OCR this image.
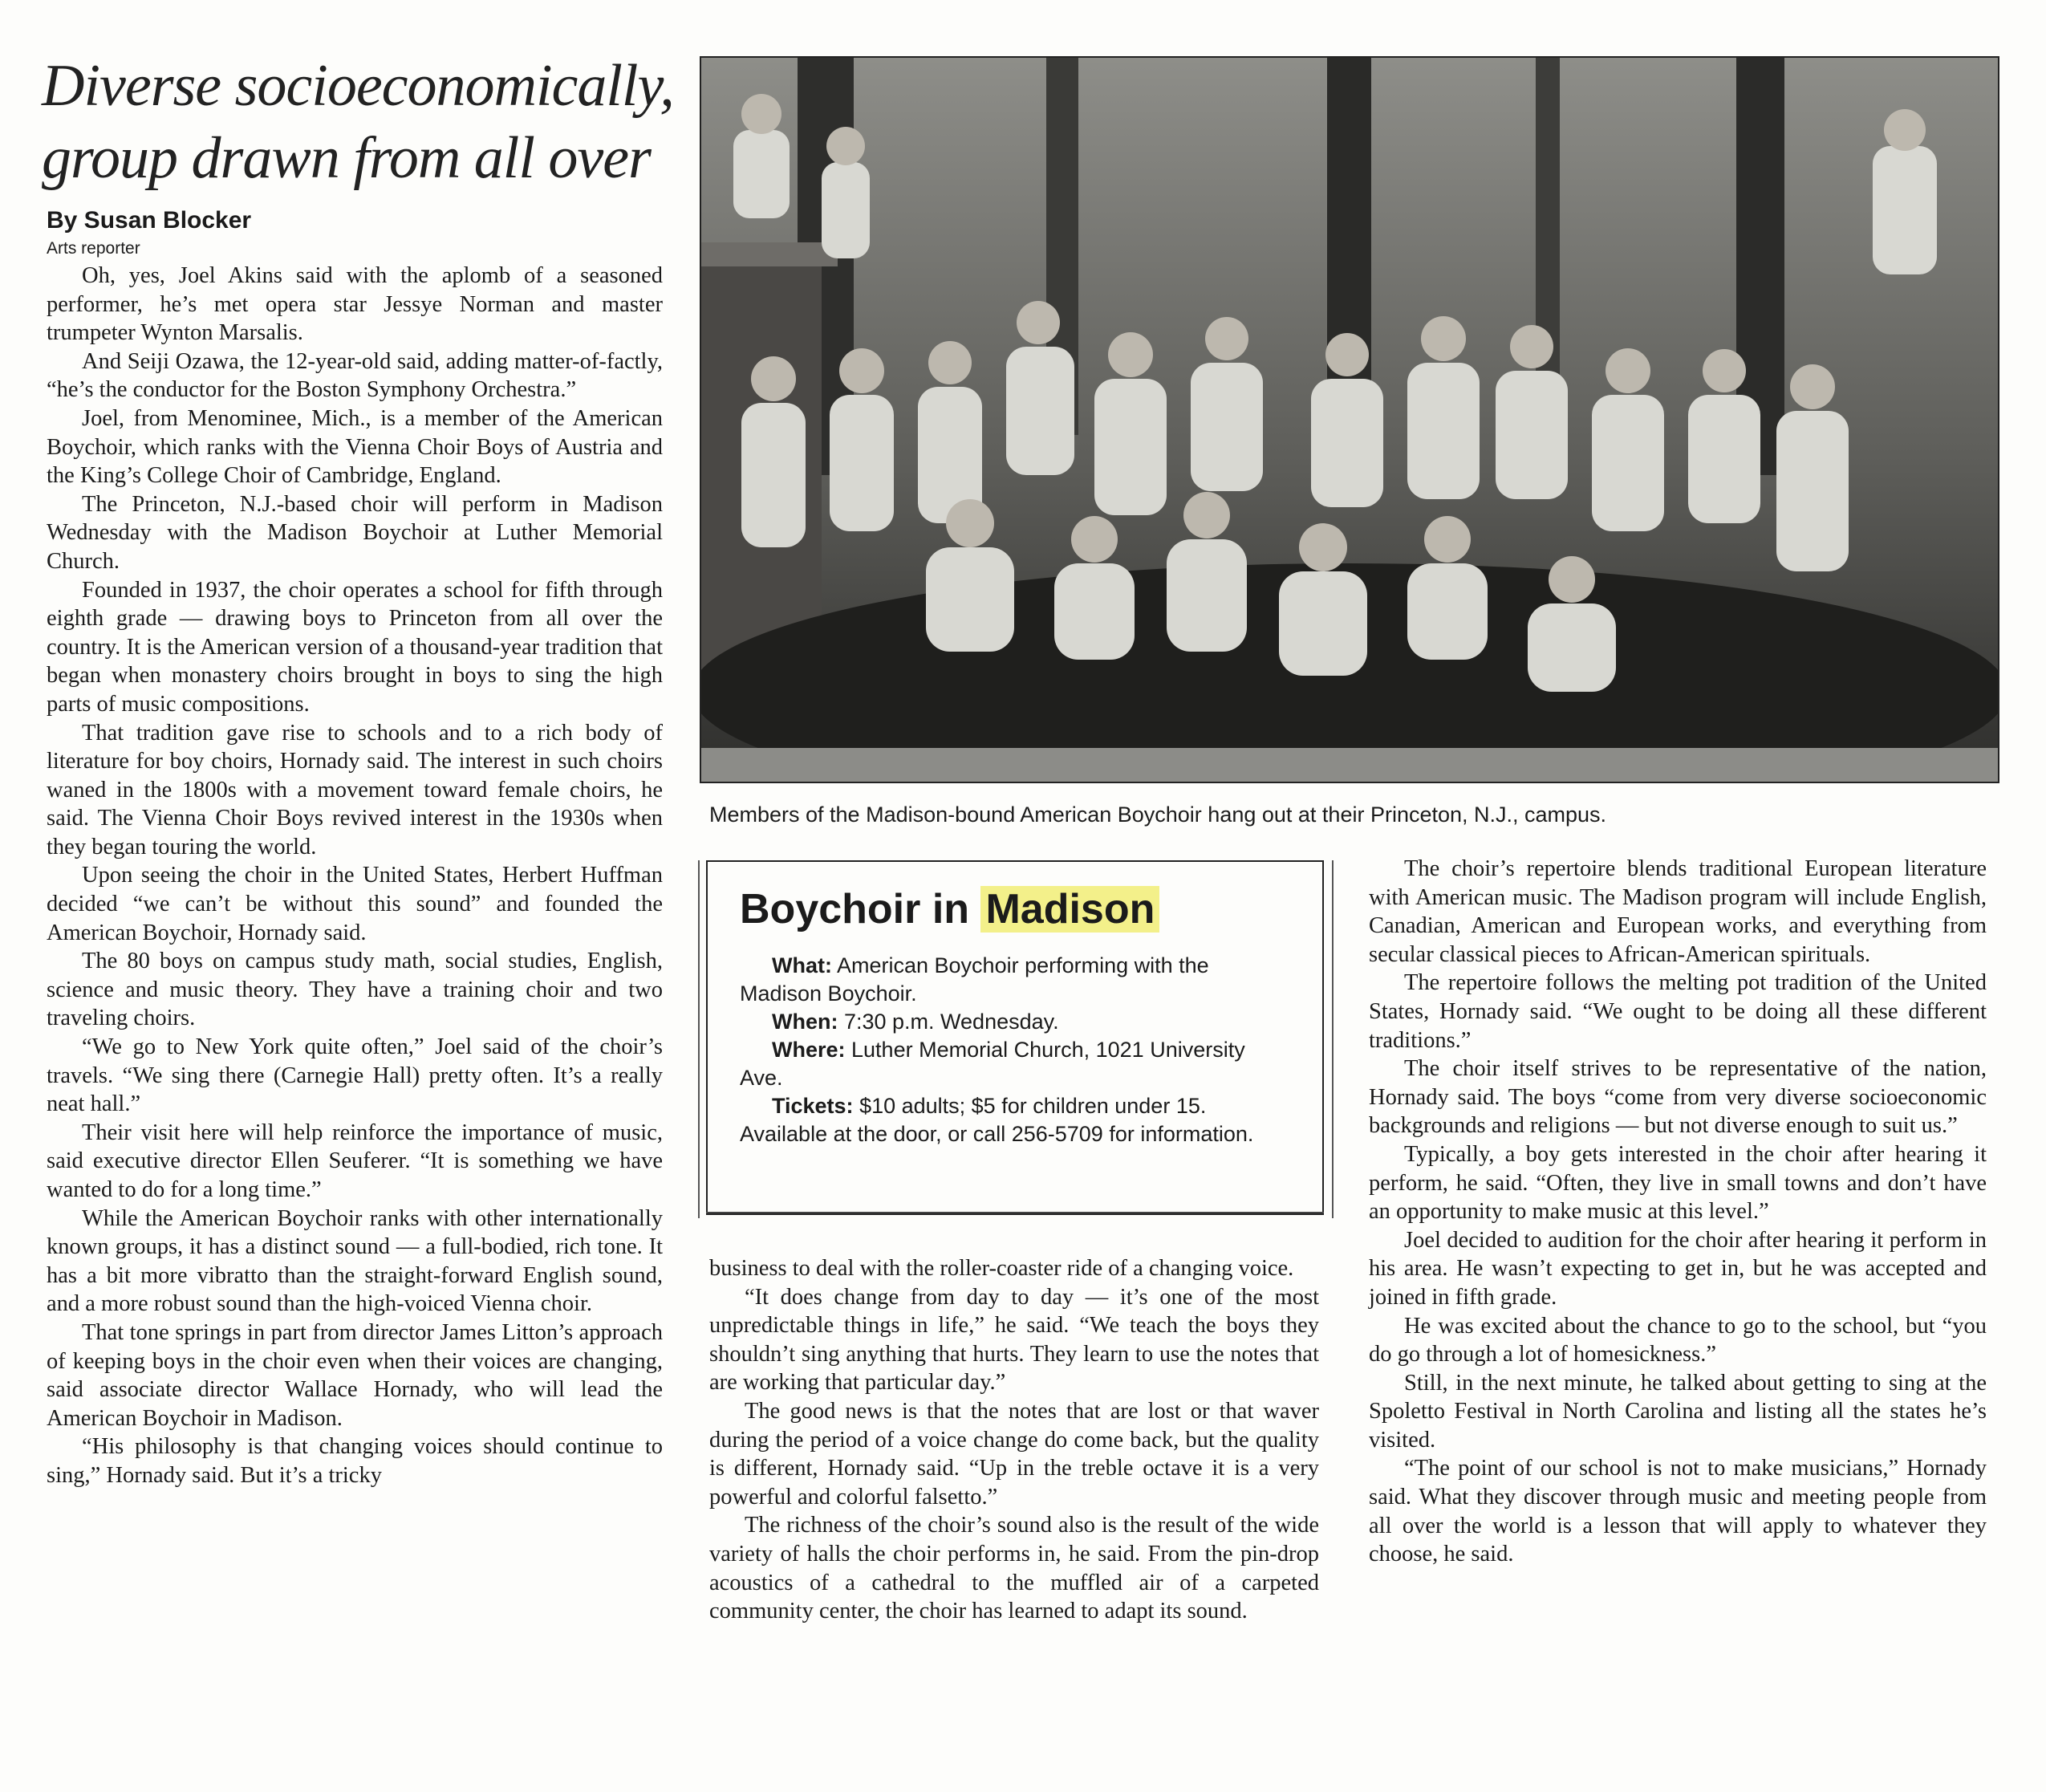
Diverse socioeconomically,
group drawn from all over
By Susan Blocker
Arts reporter

Oh, yes, Joel Akins said with the aplomb of a seasoned performer, he’s met opera star Jessye Norman and master trumpeter Wynton Marsalis.

And Seiji Ozawa, the 12-year-old said, adding matter-of-factly, “he’s the conductor for the Boston Symphony Orchestra.”

Joel, from Menominee, Mich., is a member of the American Boychoir, which ranks with the Vienna Choir Boys of Austria and the King’s College Choir of Cambridge, England.

The Princeton, N.J.-based choir will perform in Madison Wednesday with the Madison Boychoir at Luther Memorial Church.

Founded in 1937, the choir operates a school for fifth through eighth grade — drawing boys to Princeton from all over the country. It is the American version of a thousand-year tradition that began when monastery choirs brought in boys to sing the high parts of music compositions.

That tradition gave rise to schools and to a rich body of literature for boy choirs, Hornady said. The interest in such choirs waned in the 1800s with a movement toward female choirs, he said. The Vienna Choir Boys revived interest in the 1930s when they began touring the world.

Upon seeing the choir in the United States, Herbert Huffman decided “we can’t be without this sound” and founded the American Boychoir, Hornady said.

The 80 boys on campus study math, social studies, English, science and music theory. They have a training choir and two traveling choirs.

“We go to New York quite often,” Joel said of the choir’s travels. “We sing there (Carnegie Hall) pretty often. It’s a really neat hall.”

Their visit here will help reinforce the importance of music, said executive director Ellen Seuferer. “It is something we have wanted to do for a long time.”

While the American Boychoir ranks with other internationally known groups, it has a distinct sound — a full-bodied, rich tone. It has a bit more vibratto than the straight-forward English sound, and a more robust sound than the high-voiced Vienna choir.

That tone springs in part from director James Litton’s approach of keeping boys in the choir even when their voices are changing, said associate director Wallace Hornady, who will lead the American Boychoir in Madison.

“His philosophy is that changing voices should continue to sing,” Hornady said. But it’s a tricky

Members of the Madison-bound American Boychoir hang out at their Princeton, N.J., campus.
Boychoir in Madison

What: American Boychoir performing with the Madison Boychoir.

When: 7:30 p.m. Wednesday.

Where: Luther Memorial Church, 1021 University Ave.

Tickets: $10 adults; $5 for children under 15. Available at the door, or call 256-5709 for information.

business to deal with the roller-coaster ride of a changing voice.

“It does change from day to day — it’s one of the most unpredictable things in life,” he said. “We teach the boys they shouldn’t sing anything that hurts. They learn to use the notes that are working that particular day.”

The good news is that the notes that are lost or that waver during the period of a voice change do come back, but the quality is different, Hornady said. “Up in the treble octave it is a very powerful and colorful falsetto.”

The richness of the choir’s sound also is the result of the wide variety of halls the choir performs in, he said. From the pin-drop acoustics of a cathedral to the muffled air of a carpeted community center, the choir has learned to adapt its sound.

The choir’s repertoire blends traditional European literature with American music. The Madison program will include English, Canadian, American and European works, and everything from secular classical pieces to African-American spirituals.

The repertoire follows the melting pot tradition of the United States, Hornady said. “We ought to be doing all these different traditions.”

The choir itself strives to be representative of the nation, Hornady said. The boys “come from very diverse socioeconomic backgrounds and religions — but not diverse enough to suit us.”

Typically, a boy gets interested in the choir after hearing it perform, he said. “Often, they live in small towns and don’t have an opportunity to make music at this level.”

Joel decided to audition for the choir after hearing it perform in his area. He wasn’t expecting to get in, but he was accepted and joined in fifth grade.

He was excited about the chance to go to the school, but “you do go through a lot of homesickness.”

Still, in the next minute, he talked about getting to sing at the Spoletto Festival in North Carolina and listing all the states he’s visited.

“The point of our school is not to make musicians,” Hornady said. What they discover through music and meeting people from all over the world is a lesson that will apply to whatever they choose, he said.
